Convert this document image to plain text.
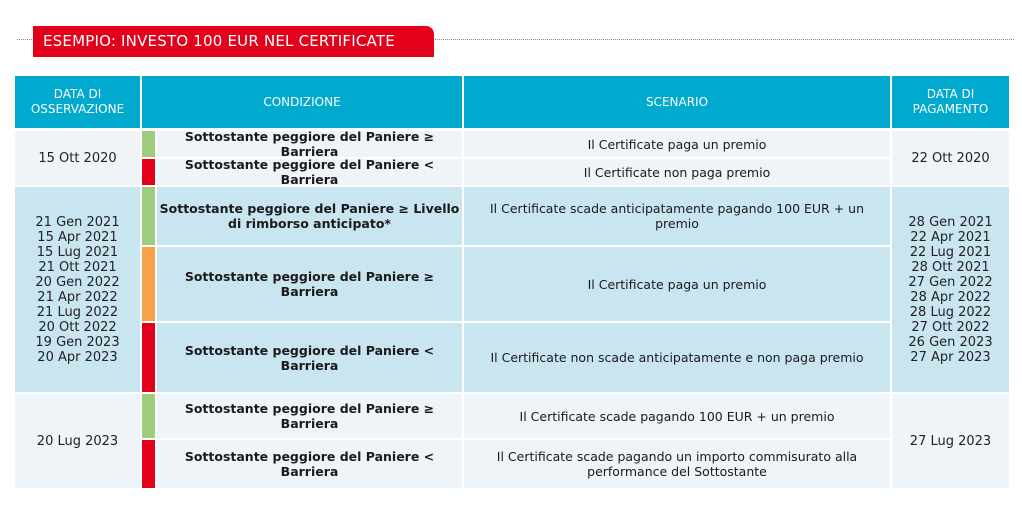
ESEMPIO: INVESTO 100 EUR NEL CERTIFICATE
DATA DI OSSERVAZIONE
CONDIZIONE	SCENARIO
DATA DI PAGAMENTO
15 Ott 2020
Sottostante peggiore del Paniere ≥ Barriera
Sottostante peggiore del Paniere < Barriera
Il Certificate paga un premio
Il Certificate non paga premio
22 Ott 2020
21 Gen 2021
15 Apr 2021
15 Lug 2021
21 Ott 2021
20 Gen 2022
21 Apr 2022
21 Lug 2022
20 Ott 2022
19 Gen 2023
20 Apr 2023
Sottostante peggiore del Paniere ≥ Livello
di rimborso anticipato*
Sottostante peggiore del Paniere ≥ Barriera
Sottostante peggiore del Paniere < Barriera
Il Certificate scade anticipatamente pagando 100 EUR + un
premio
Il Certificate paga un premio
Il Certificate non scade anticipatamente e non paga premio
28 Gen 2021
22 Apr 2021
22 Lug 2021
28 Ott 2021
27 Gen 2022
28 Apr 2022
28 Lug 2022
27 Ott 2022
26 Gen 2023
27 Apr 2023
20 Lug 2023
Sottostante peggiore del Paniere ≥ Barriera
Sottostante peggiore del Paniere < Barriera
Il Certificate scade pagando 100 EUR + un premio
Il Certificate scade pagando un importo commisurato alla
performance del Sottostante
27 Lug 2023
